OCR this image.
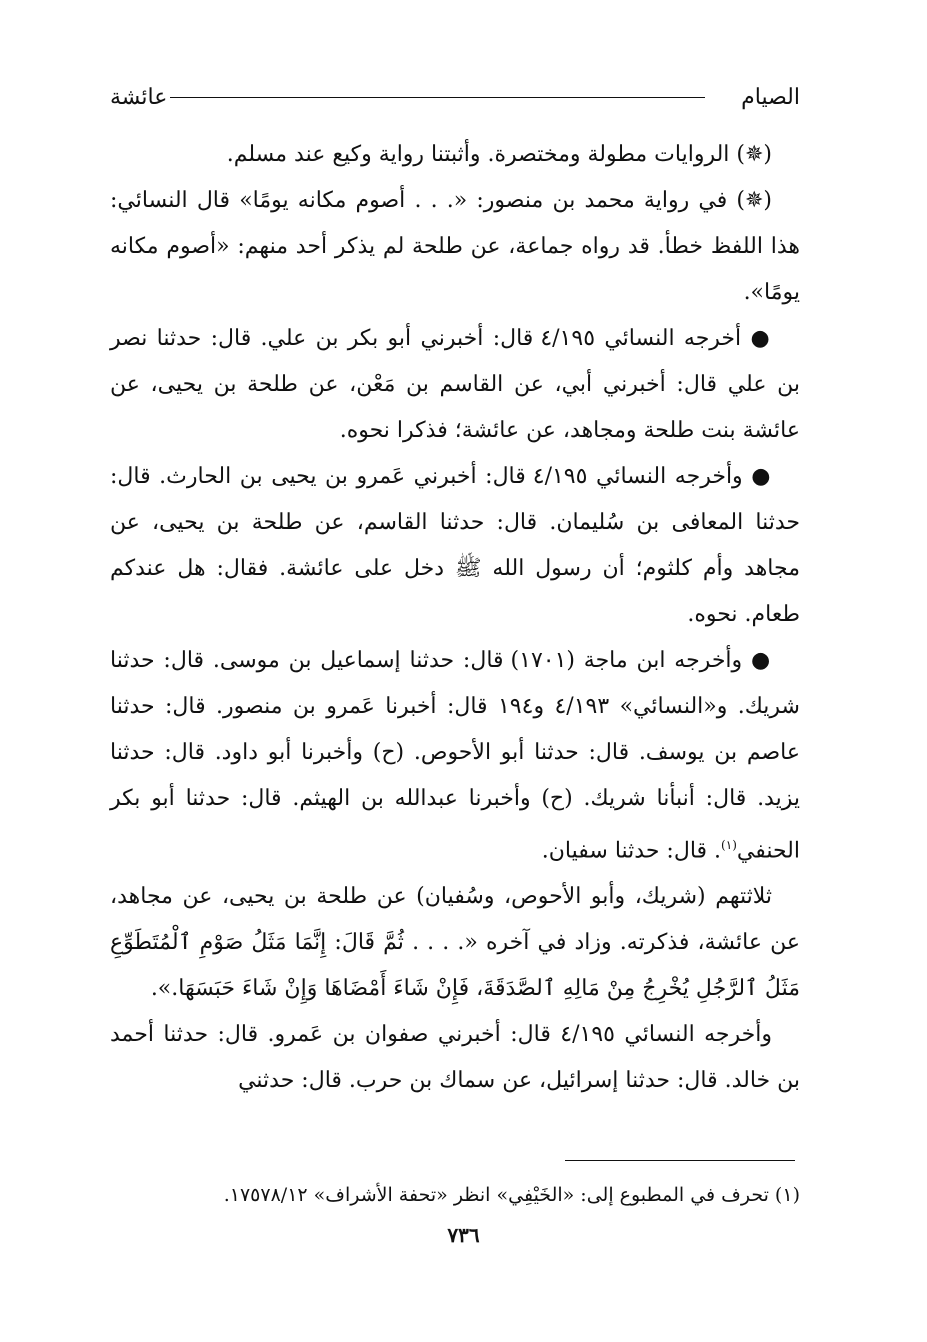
الصيام
عائشة

(✵) الروايات مطولة ومختصرة. وأثبتنا رواية وكيع عند مسلم.

(✵) في رواية محمد بن منصور: «. . . أصوم مكانه يومًا» قال النسائي: هذا اللفظ خطأ. قد رواه جماعة، عن طلحة لم يذكر أحد منهم: «أصوم مكانه يومًا».

● أخرجه النسائي ٤/١٩٥ قال: أخبرني أبو بكر بن علي. قال: حدثنا نصر بن علي قال: أخبرني أبي، عن القاسم بن مَعْن، عن طلحة بن يحيى، عن عائشة بنت طلحة ومجاهد، عن عائشة؛ فذكرا نحوه.

● وأخرجه النسائي ٤/١٩٥ قال: أخبرني عَمرو بن يحيى بن الحارث. قال: حدثنا المعافى بن سُليمان. قال: حدثنا القاسم، عن طلحة بن يحيى، عن مجاهد وأم كلثوم؛ أن رسول الله ﷺ دخل على عائشة. فقال: هل عندكم طعام. نحوه.

● وأخرجه ابن ماجة (١٧٠١) قال: حدثنا إسماعيل بن موسى. قال: حدثنا شريك. و«النسائي» ٤/١٩٣ و١٩٤ قال: أخبرنا عَمرو بن منصور. قال: حدثنا عاصم بن يوسف. قال: حدثنا أبو الأحوص. (ح) وأخبرنا أبو داود. قال: حدثنا يزيد. قال: أنبأنا شريك. (ح) وأخبرنا عبدالله بن الهيثم. قال: حدثنا أبو بكر الحنفي$^{(١)}$. قال: حدثنا سفيان.

ثلاثتهم (شريك، وأبو الأحوص، وسُفيان) عن طلحة بن يحيى، عن مجاهد، عن عائشة، فذكرته. وزاد في آخره «. . . . ثُمَّ قَالَ: إِنَّمَا مَثَلُ صَوْمِ ٱلْمُتَطَوِّعِ مَثَلُ ٱلرَّجُلِ يُخْرِجُ مِنْ مَالِهِ ٱلصَّدَقَةَ، فَإِنْ شَاءَ أَمْضَاهَا وَإِنْ شَاءَ حَبَسَهَا.».

وأخرجه النسائي ٤/١٩٥ قال: أخبرني صفوان بن عَمرو. قال: حدثنا أحمد بن خالد. قال: حدثنا إسرائيل، عن سماك بن حرب. قال: حدثني

(١) تحرف في المطبوع إلى: «الخَيْفِي» انظر «تحفة الأشراف» ١٧٥٧٨/١٢.
٧٣٦
